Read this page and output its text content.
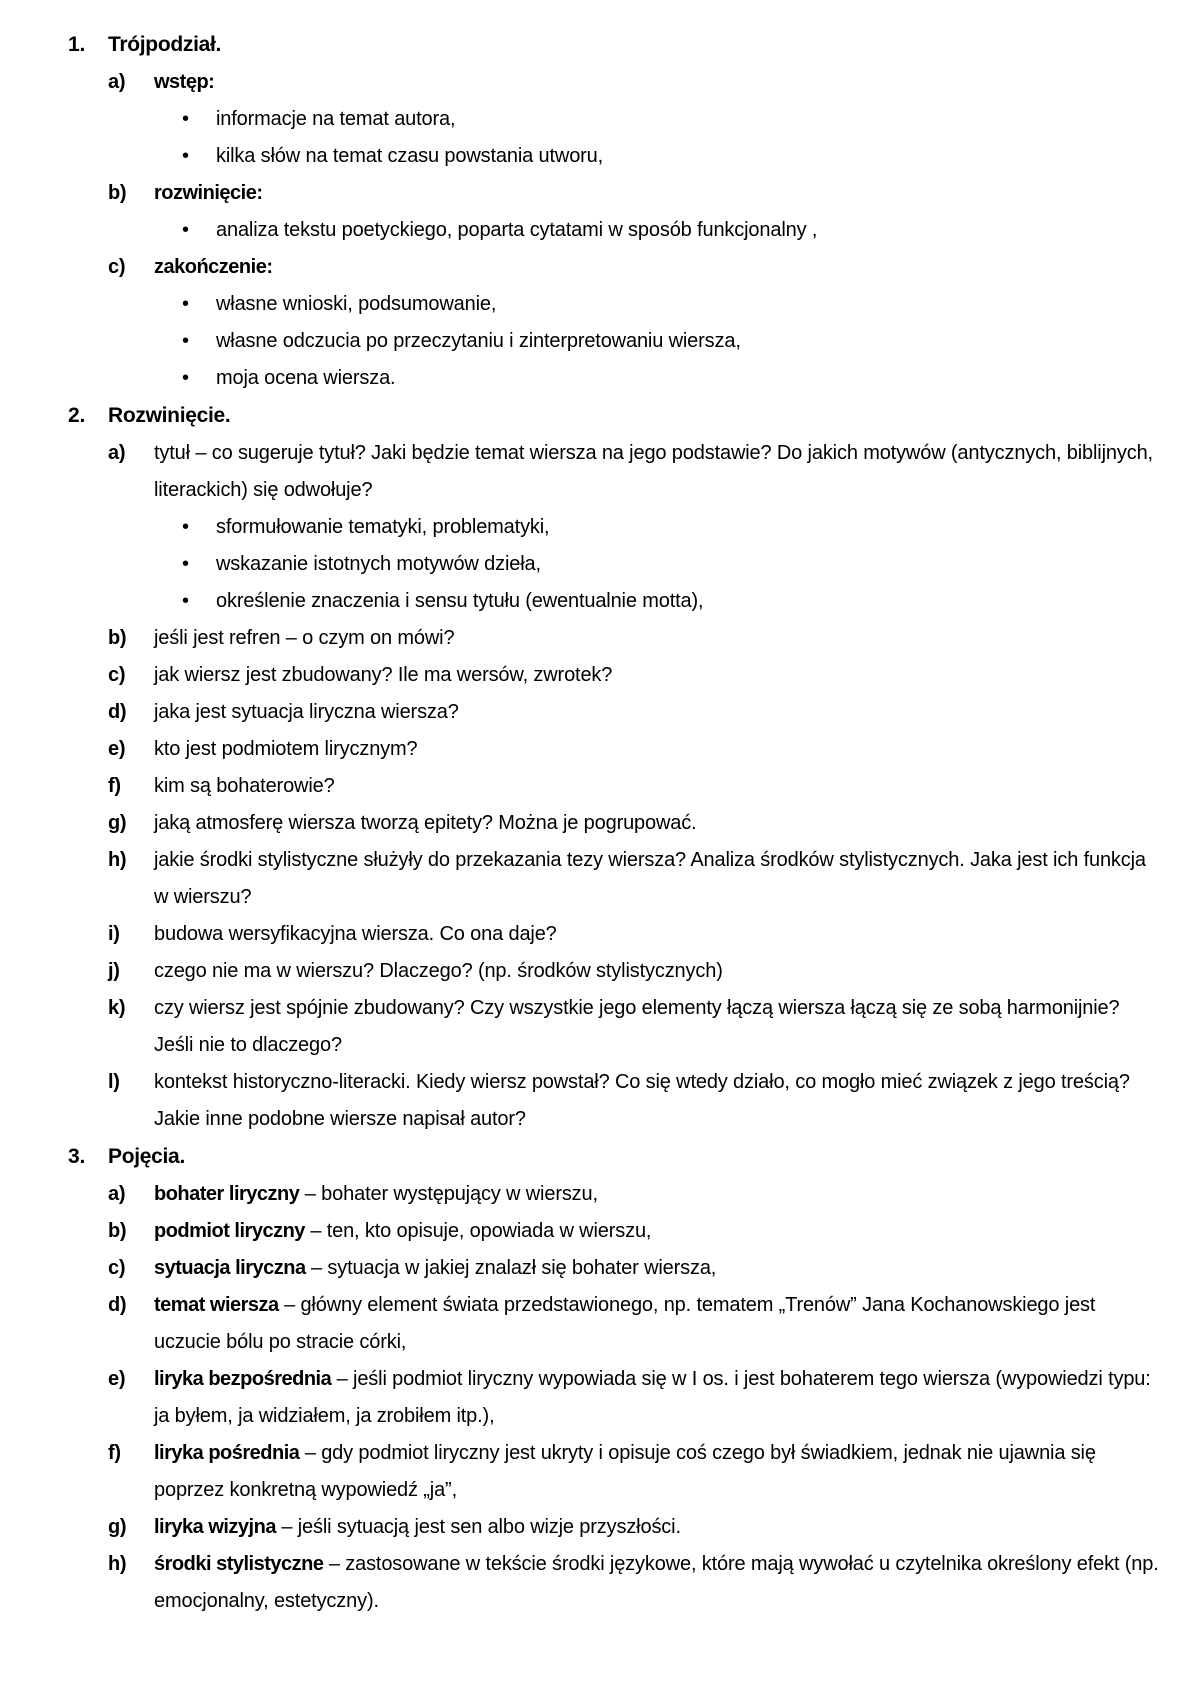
1. Trójpodział.
a)	wstęp:
• informacje na temat autora,
• kilka słów na temat czasu powstania utworu,
b)	rozwinięcie:
• analiza tekstu poetyckiego, poparta cytatami w sposób funkcjonalny ,
c)	zakończenie:
• własne wnioski, podsumowanie,
• własne odczucia po przeczytaniu i zinterpretowaniu wiersza,
• moja ocena wiersza.
2. Rozwinięcie.
a)	tytuł – co sugeruje tytuł? Jaki będzie temat wiersza na jego podstawie? Do jakich motywów (antycznych, biblijnych, literackich) się odwołuje?
• sformułowanie tematyki, problematyki,
• wskazanie istotnych motywów dzieła,
• określenie znaczenia i sensu tytułu (ewentualnie motta),
b)	jeśli jest refren – o czym on mówi?
c)	jak wiersz jest zbudowany? Ile ma wersów, zwrotek?
d)	jaka jest sytuacja liryczna wiersza?
e)	kto jest podmiotem lirycznym?
f)	kim są bohaterowie?
g)	jaką atmosferę wiersza tworzą epitety? Można je pogrupować.
h)	jakie środki stylistyczne służyły do przekazania tezy wiersza? Analiza środków stylistycznych. Jaka jest ich funkcja w wierszu?
i)	budowa wersyfikacyjna wiersza. Co ona daje?
j)	czego nie ma w wierszu? Dlaczego? (np. środków stylistycznych)
k)	czy wiersz jest spójnie zbudowany? Czy wszystkie jego elementy łączą wiersza łączą się ze sobą harmonijnie? Jeśli nie to dlaczego?
l)	kontekst historyczno-literacki. Kiedy wiersz powstał? Co się wtedy działo, co mogło mieć związek z jego treścią? Jakie inne podobne wiersze napisał autor?
3. Pojęcia.
a)	bohater liryczny – bohater występujący w wierszu,
b)	podmiot liryczny – ten, kto opisuje, opowiada w wierszu,
c)	sytuacja liryczna – sytuacja w jakiej znalazł się bohater wiersza,
d)	temat wiersza – główny element świata przedstawionego, np. tematem „Trenów” Jana Kochanowskiego jest uczucie bólu po stracie córki,
e)	liryka bezpośrednia – jeśli podmiot liryczny wypowiada się w I os. i jest bohaterem tego wiersza (wypowiedzi typu: ja byłem, ja widziałem, ja zrobiłem itp.),
f)	liryka pośrednia – gdy podmiot liryczny jest ukryty i opisuje coś czego był świadkiem, jednak nie ujawnia się poprzez konkretną wypowiedź „ja”,
g)	liryka wizyjna – jeśli sytuacją jest sen albo wizje przyszłości.
h)	środki stylistyczne – zastosowane w tekście środki językowe, które mają wywołać u czytelnika określony efekt (np. emocjonalny, estetyczny).
